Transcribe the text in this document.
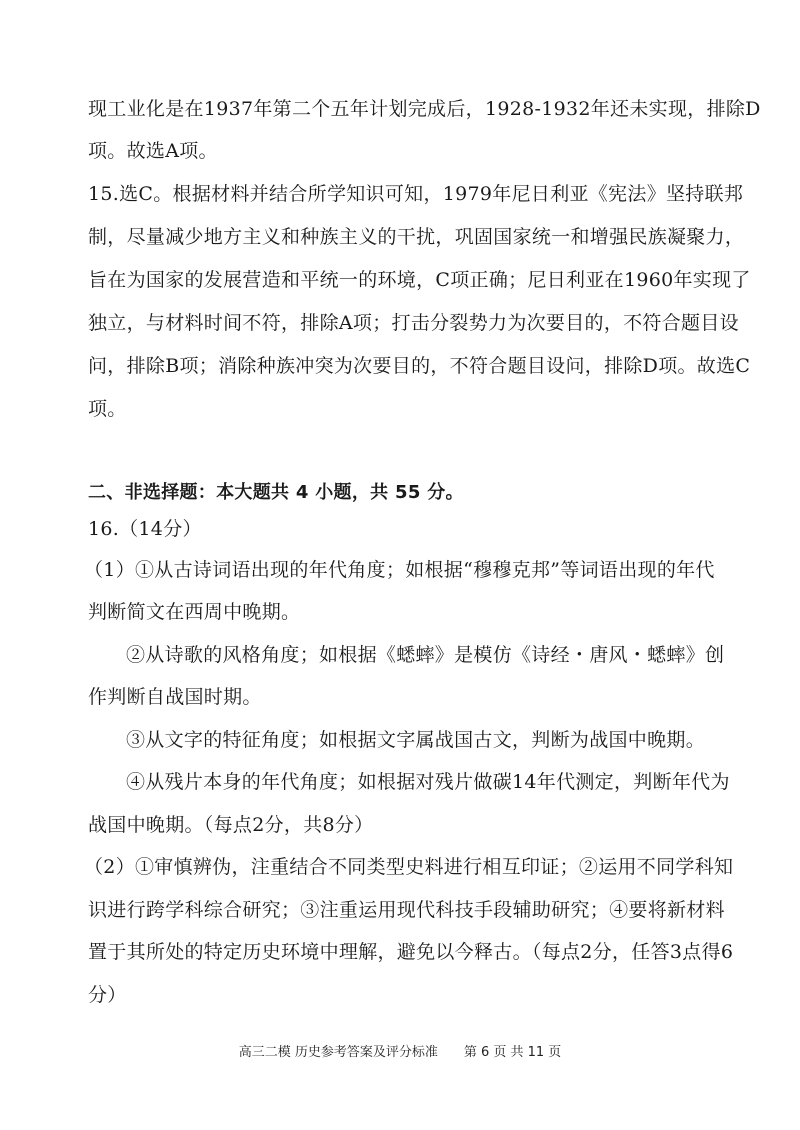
现工业化是在1937年第二个五年计划完成后，1928-1932年还未实现，排除D
项。故选A项。
15.选C。根据材料并结合所学知识可知，1979年尼日利亚《宪法》坚持联邦
制，尽量减少地方主义和种族主义的干扰，巩固国家统一和增强民族凝聚力，
旨在为国家的发展营造和平统一的环境，C项正确；尼日利亚在1960年实现了
独立，与材料时间不符，排除A项；打击分裂势力为次要目的，不符合题目设
问，排除B项；消除种族冲突为次要目的，不符合题目设问，排除D项。故选C
项。
二、非选择题：本大题共 4 小题，共 55 分。
16.（14分）
（1）①从古诗词语出现的年代角度；如根据“穆穆克邦”等词语出现的年代
判断简文在西周中晚期。
②从诗歌的风格角度；如根据《蟋蟀》是模仿《诗经・唐风・蟋蟀》创
作判断自战国时期。
③从文字的特征角度；如根据文字属战国古文，判断为战国中晚期。
④从残片本身的年代角度；如根据对残片做碳14年代测定，判断年代为
战国中晚期。（每点2分，共8分）
（2）①审慎辨伪，注重结合不同类型史料进行相互印证；②运用不同学科知
识进行跨学科综合研究；③注重运用现代科技手段辅助研究；④要将新材料
置于其所处的特定历史环境中理解，避免以今释古。（每点2分，任答3点得6
分）
高三二模 历史参考答案及评分标准　　第 6 页 共 11 页
